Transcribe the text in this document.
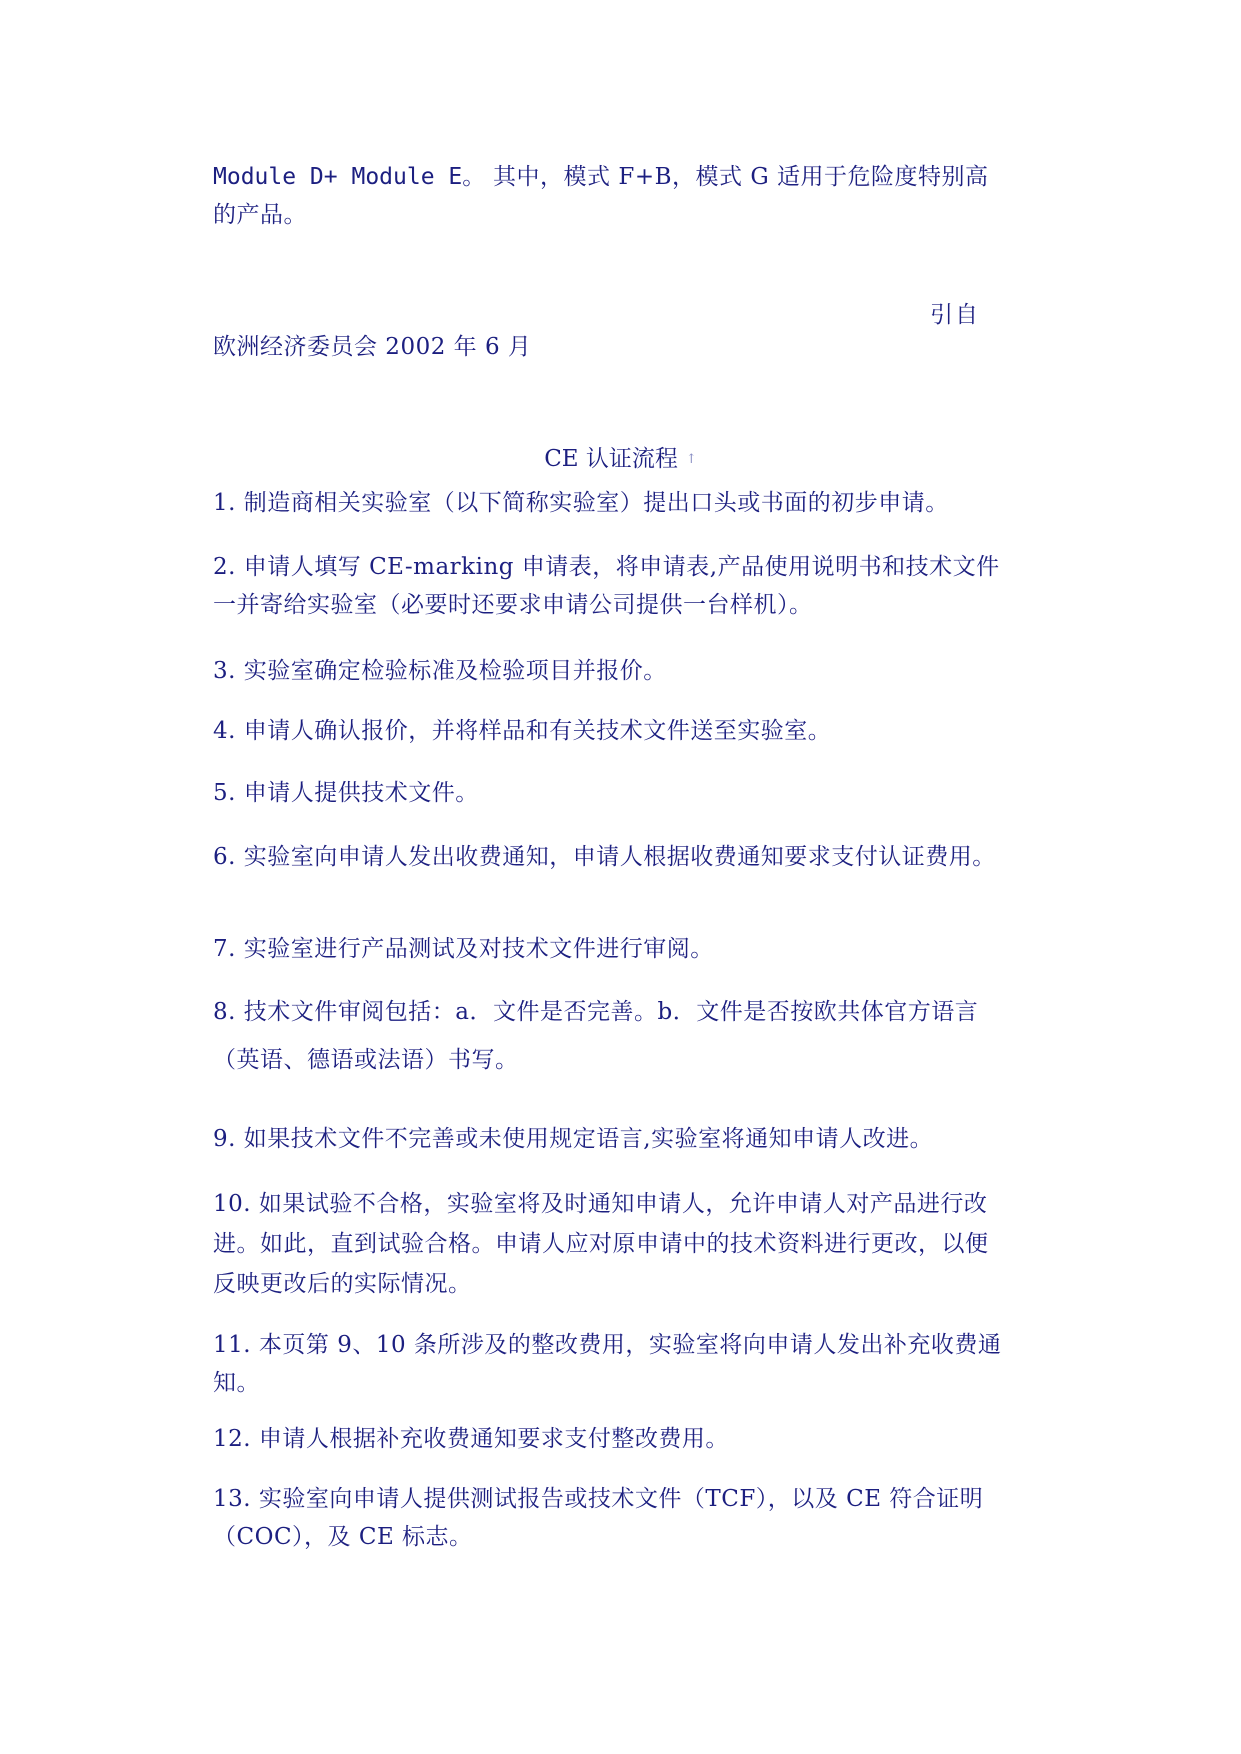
Module D+ Module E。 其中，模式 F+B，模式 G 适用于危险度特别高的产品。

引自

欧洲经济委员会 2002 年 6 月

CE 认证流程 ↑

1. 制造商相关实验室（以下简称实验室）提出口头或书面的初步申请。

2. 申请人填写 CE-marking 申请表，将申请表,产品使用说明书和技术文件一并寄给实验室（必要时还要求申请公司提供一台样机）。

3. 实验室确定检验标准及检验项目并报价。

4. 申请人确认报价，并将样品和有关技术文件送至实验室。

5. 申请人提供技术文件。

6. 实验室向申请人发出收费通知，申请人根据收费通知要求支付认证费用。

7. 实验室进行产品测试及对技术文件进行审阅。

8. 技术文件审阅包括：a．文件是否完善。b．文件是否按欧共体官方语言（英语、德语或法语）书写。

9. 如果技术文件不完善或未使用规定语言,实验室将通知申请人改进。

10. 如果试验不合格，实验室将及时通知申请人，允许申请人对产品进行改进。如此，直到试验合格。申请人应对原申请中的技术资料进行更改，以便反映更改后的实际情况。

11. 本页第 9、10 条所涉及的整改费用，实验室将向申请人发出补充收费通知。

12. 申请人根据补充收费通知要求支付整改费用。

13. 实验室向申请人提供测试报告或技术文件（TCF），以及 CE 符合证明（COC），及 CE 标志。
